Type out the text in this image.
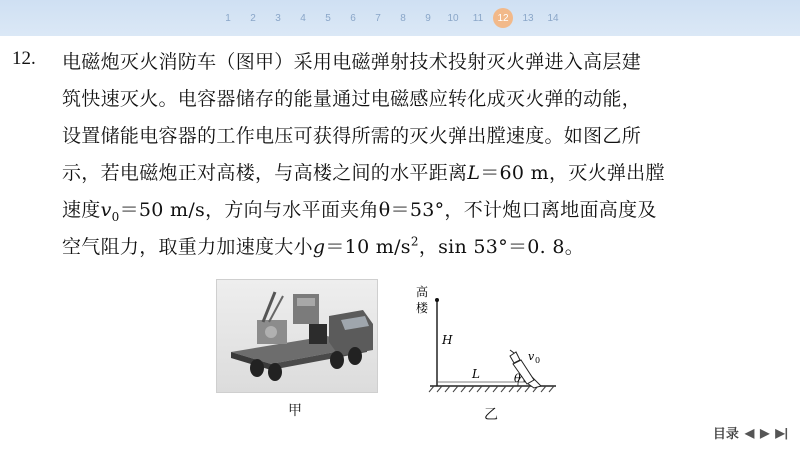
1	2	3	4	5	6	7	8	9	10	11	12	13	14
12. 电磁炮灭火消防车（图甲）采用电磁弹射技术投射灭火弹进入高层建

筑快速灭火。电容器储存的能量通过电磁感应转化成灭火弹的动能，

设置储能电容器的工作电压可获得所需的灭火弹出膛速度。如图乙所

示，若电磁炮正对高楼，与高楼之间的水平距离L＝60 m，灭火弹出膛

速度$v_0=50$ m/s，方向与水平面夹角θ＝53°，不计炮口离地面高度及

空气阻力，取重力加速度大小g＝10 $m/s^2$，sin 53°＝0. 8。

甲
高
楼
H
L	θ
v 0
乙
目录 ◀ ▶ ▶|
